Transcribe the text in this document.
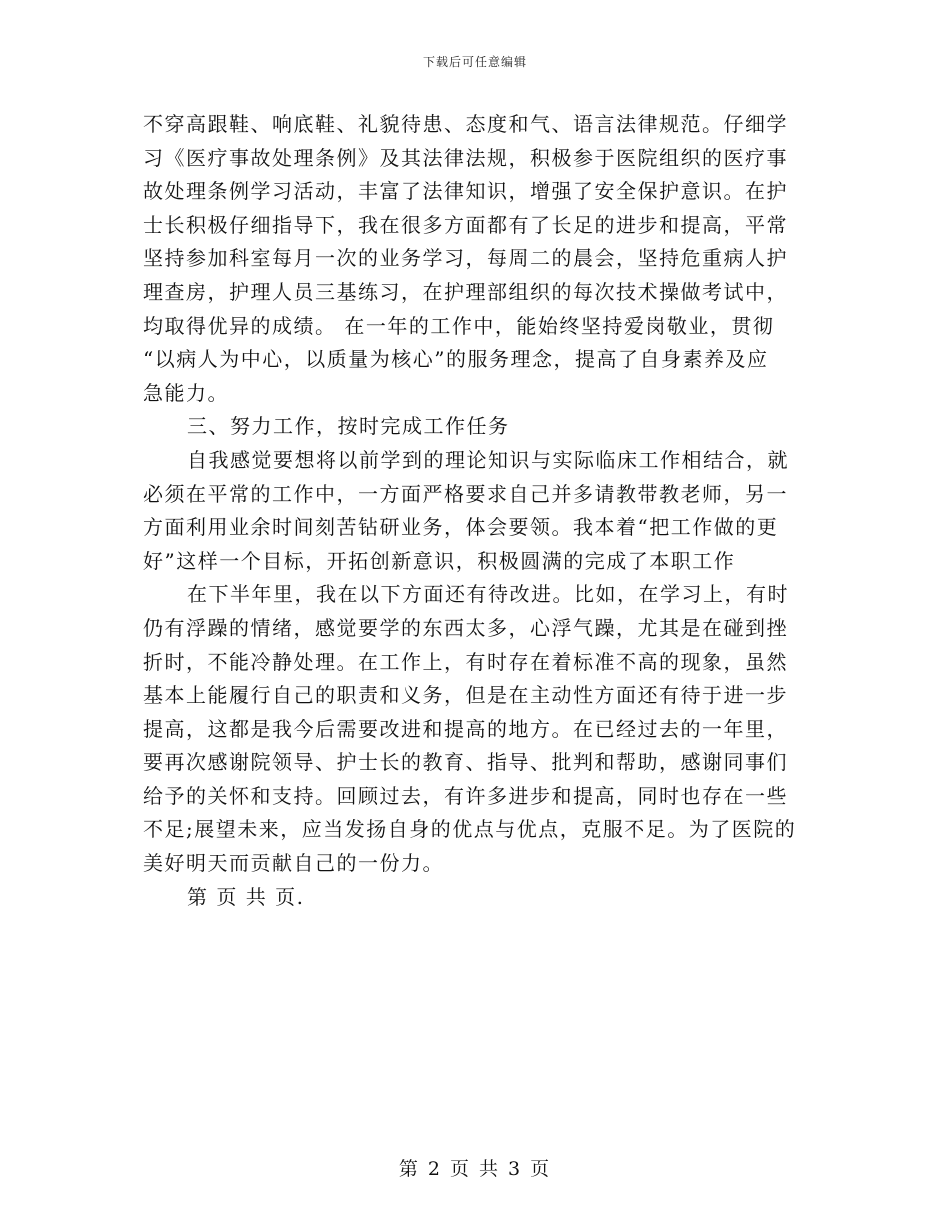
下载后可任意编辑
不穿高跟鞋、响底鞋、礼貌待患、态度和气、语言法律规范。仔细学
习《医疗事故处理条例》及其法律法规，积极参于医院组织的医疗事
故处理条例学习活动，丰富了法律知识，增强了安全保护意识。在护
士长积极仔细指导下，我在很多方面都有了长足的进步和提高，平常
坚持参加科室每月一次的业务学习，每周二的晨会，坚持危重病人护
理查房，护理人员三基练习，在护理部组织的每次技术操做考试中，
均取得优异的成绩。 在一年的工作中，能始终坚持爱岗敬业，贯彻
“以病人为中心，以质量为核心”的服务理念，提高了自身素养及应
急能力。
三、努力工作，按时完成工作任务
自我感觉要想将以前学到的理论知识与实际临床工作相结合，就
必须在平常的工作中，一方面严格要求自己并多请教带教老师，另一
方面利用业余时间刻苦钻研业务，体会要领。我本着“把工作做的更
好”这样一个目标，开拓创新意识，积极圆满的完成了本职工作
在下半年里，我在以下方面还有待改进。比如，在学习上，有时
仍有浮躁的情绪，感觉要学的东西太多，心浮气躁，尤其是在碰到挫
折时，不能冷静处理。在工作上，有时存在着标准不高的现象，虽然
基本上能履行自己的职责和义务，但是在主动性方面还有待于进一步
提高，这都是我今后需要改进和提高的地方。在已经过去的一年里，
要再次感谢院领导、护士长的教育、指导、批判和帮助，感谢同事们
给予的关怀和支持。回顾过去，有许多进步和提高，同时也存在一些
不足;展望未来，应当发扬自身的优点与优点，克服不足。为了医院的
美好明天而贡献自己的一份力。
第 页 共 页.
第 2 页 共 3 页
